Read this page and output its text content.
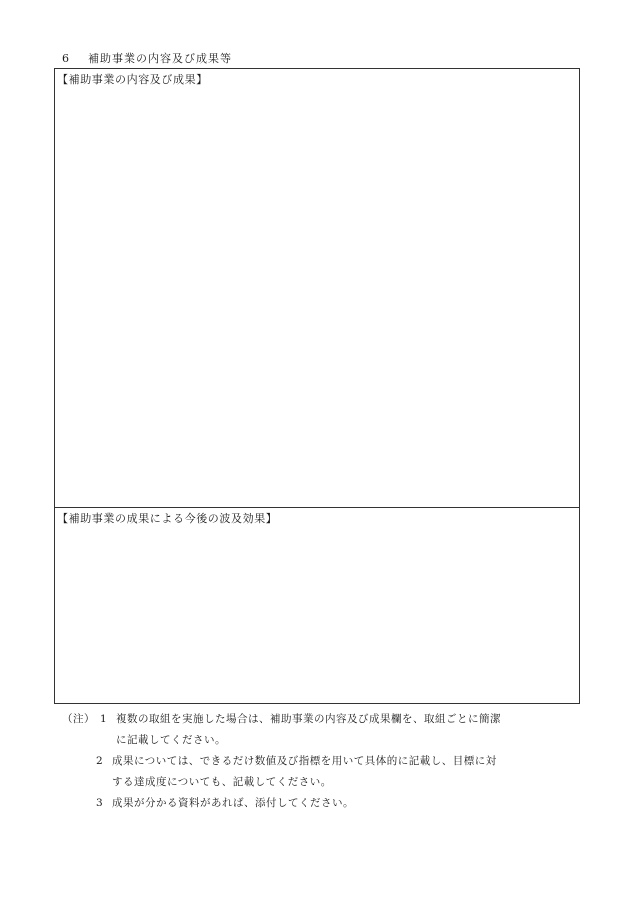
6 補助事業の内容及び成果等
【補助事業の内容及び成果】
【補助事業の成果による今後の波及効果】
（注） 1 複数の取組を実施した場合は、補助事業の内容及び成果欄を、取組ごとに簡潔
に記載してください。
2 成果については、できるだけ数値及び指標を用いて具体的に記載し、目標に対
する達成度についても、記載してください。
3 成果が分かる資料があれば、添付してください。
